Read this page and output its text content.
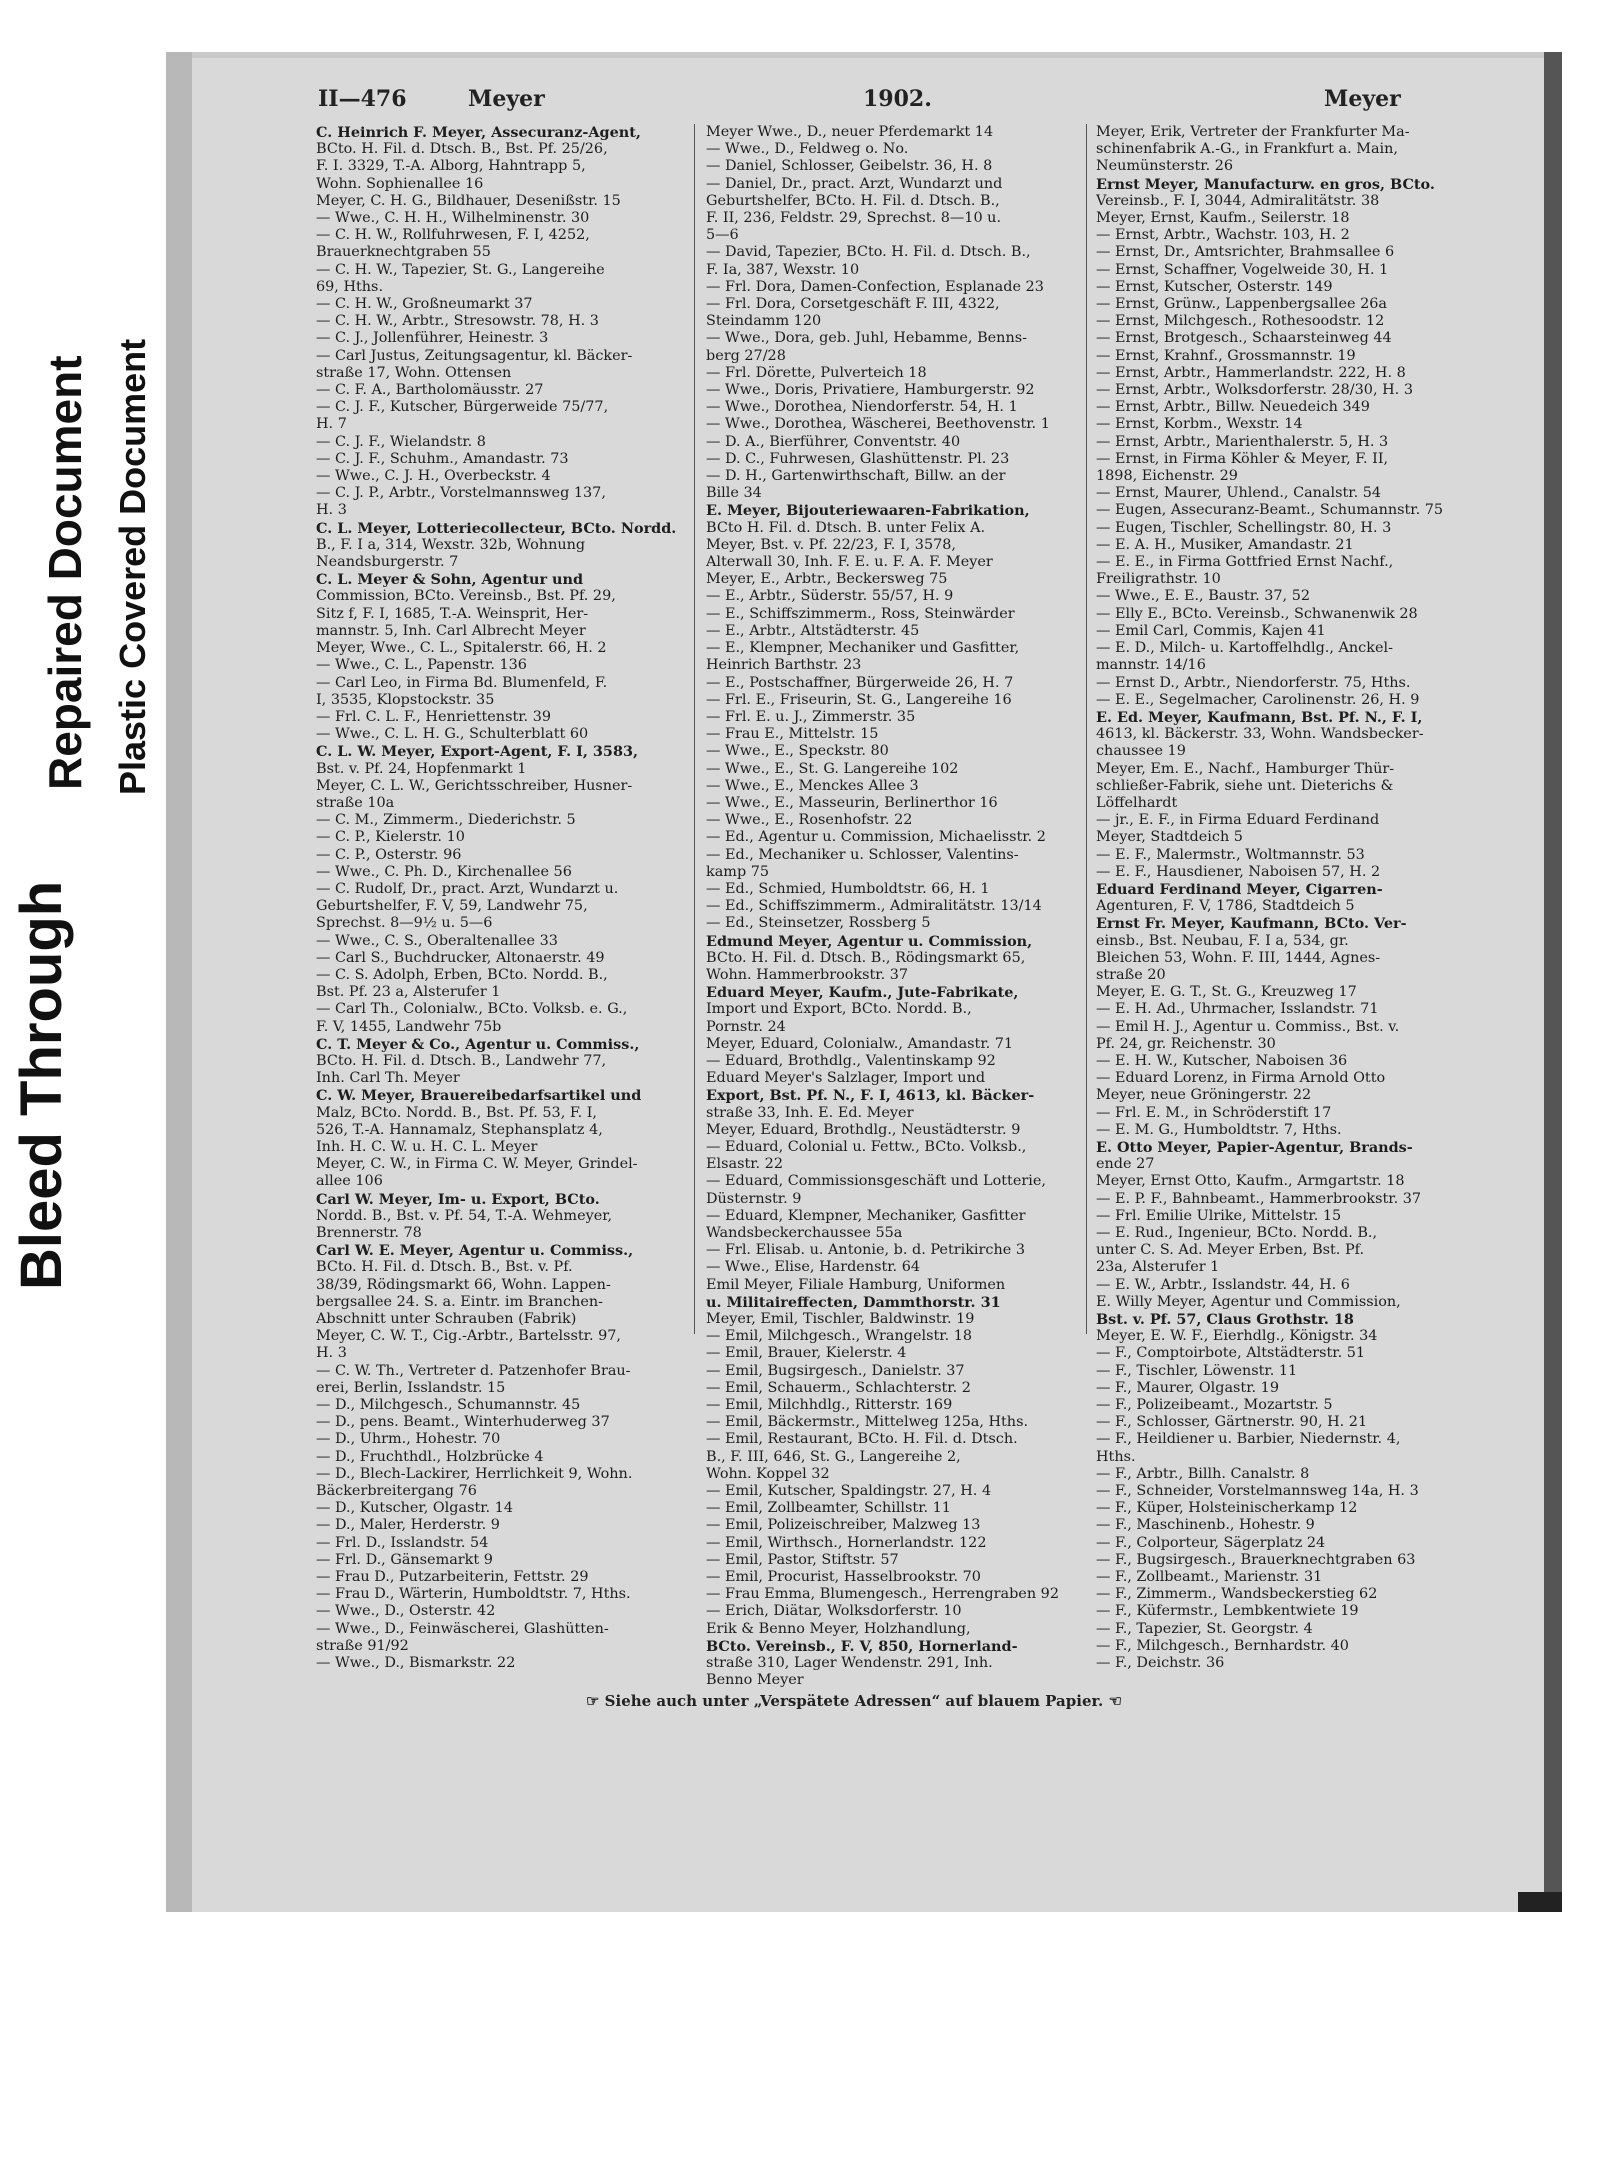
Bleed Through
Repaired Document Plastic Covered Document
II—476	Meyer	1902.	Meyer

C. Heinrich F. Meyer, Assecuranz-Agent,

BCto. H. Fil. d. Dtsch. B., Bst. Pf. 25/26,

F. I. 3329, T.-A. Alborg, Hahntrapp 5,

Wohn. Sophienallee 16

Meyer, C. H. G., Bildhauer, Desenißstr. 15

— Wwe., C. H. H., Wilhelminenstr. 30

— C. H. W., Rollfuhrwesen, F. I, 4252,

Brauerknechtgraben 55

— C. H. W., Tapezier, St. G., Langereihe

69, Hths.

— C. H. W., Großneumarkt 37

— C. H. W., Arbtr., Stresowstr. 78, H. 3

— C. J., Jollenführer, Heinestr. 3

— Carl Justus, Zeitungsagentur, kl. Bäcker-

straße 17, Wohn. Ottensen

— C. F. A., Bartholomäusstr. 27

— C. J. F., Kutscher, Bürgerweide 75/77,

H. 7

— C. J. F., Wielandstr. 8

— C. J. F., Schuhm., Amandastr. 73

— Wwe., C. J. H., Overbeckstr. 4

— C. J. P., Arbtr., Vorstelmannsweg 137,

H. 3

C. L. Meyer, Lotteriecollecteur, BCto. Nordd.

B., F. I a, 314, Wexstr. 32b, Wohnung

Neandsburgerstr. 7

C. L. Meyer & Sohn, Agentur und

Commission, BCto. Vereinsb., Bst. Pf. 29,

Sitz f, F. I, 1685, T.-A. Weinsprit, Her-

mannstr. 5, Inh. Carl Albrecht Meyer

Meyer, Wwe., C. L., Spitalerstr. 66, H. 2

— Wwe., C. L., Papenstr. 136

— Carl Leo, in Firma Bd. Blumenfeld, F.

I, 3535, Klopstockstr. 35

— Frl. C. L. F., Henriettenstr. 39

— Wwe., C. L. H. G., Schulterblatt 60

C. L. W. Meyer, Export-Agent, F. I, 3583,

Bst. v. Pf. 24, Hopfenmarkt 1

Meyer, C. L. W., Gerichtsschreiber, Husner-

straße 10a

— C. M., Zimmerm., Diederichstr. 5

— C. P., Kielerstr. 10

— C. P., Osterstr. 96

— Wwe., C. Ph. D., Kirchenallee 56

— C. Rudolf, Dr., pract. Arzt, Wundarzt u.

Geburtshelfer, F. V, 59, Landwehr 75,

Sprechst. 8—9½ u. 5—6

— Wwe., C. S., Oberaltenallee 33

— Carl S., Buchdrucker, Altonaerstr. 49

— C. S. Adolph, Erben, BCto. Nordd. B.,

Bst. Pf. 23 a, Alsterufer 1

— Carl Th., Colonialw., BCto. Volksb. e. G.,

F. V, 1455, Landwehr 75b

C. T. Meyer & Co., Agentur u. Commiss.,

BCto. H. Fil. d. Dtsch. B., Landwehr 77,

Inh. Carl Th. Meyer

C. W. Meyer, Brauereibedarfsartikel und

Malz, BCto. Nordd. B., Bst. Pf. 53, F. I,

526, T.-A. Hannamalz, Stephansplatz 4,

Inh. H. C. W. u. H. C. L. Meyer

Meyer, C. W., in Firma C. W. Meyer, Grindel-

allee 106

Carl W. Meyer, Im- u. Export, BCto.

Nordd. B., Bst. v. Pf. 54, T.-A. Wehmeyer,

Brennerstr. 78

Carl W. E. Meyer, Agentur u. Commiss.,

BCto. H. Fil. d. Dtsch. B., Bst. v. Pf.

38/39, Rödingsmarkt 66, Wohn. Lappen-

bergsallee 24. S. a. Eintr. im Branchen-

Abschnitt unter Schrauben (Fabrik)

Meyer, C. W. T., Cig.-Arbtr., Bartelsstr. 97,

H. 3

— C. W. Th., Vertreter d. Patzenhofer Brau-

erei, Berlin, Isslandstr. 15

— D., Milchgesch., Schumannstr. 45

— D., pens. Beamt., Winterhuderweg 37

— D., Uhrm., Hohestr. 70

— D., Fruchthdl., Holzbrücke 4

— D., Blech-Lackirer, Herrlichkeit 9, Wohn.

Bäckerbreitergang 76

— D., Kutscher, Olgastr. 14

— D., Maler, Herderstr. 9

— Frl. D., Isslandstr. 54

— Frl. D., Gänsemarkt 9

— Frau D., Putzarbeiterin, Fettstr. 29

— Frau D., Wärterin, Humboldtstr. 7, Hths.

— Wwe., D., Osterstr. 42

— Wwe., D., Feinwäscherei, Glashütten-

straße 91/92

— Wwe., D., Bismarkstr. 22

Meyer Wwe., D., neuer Pferdemarkt 14

— Wwe., D., Feldweg o. No.

— Daniel, Schlosser, Geibelstr. 36, H. 8

— Daniel, Dr., pract. Arzt, Wundarzt und

Geburtshelfer, BCto. H. Fil. d. Dtsch. B.,

F. II, 236, Feldstr. 29, Sprechst. 8—10 u.

5—6

— David, Tapezier, BCto. H. Fil. d. Dtsch. B.,

F. Ia, 387, Wexstr. 10

— Frl. Dora, Damen-Confection, Esplanade 23

— Frl. Dora, Corsetgeschäft F. III, 4322,

Steindamm 120

— Wwe., Dora, geb. Juhl, Hebamme, Benns-

berg 27/28

— Frl. Dörette, Pulverteich 18

— Wwe., Doris, Privatiere, Hamburgerstr. 92

— Wwe., Dorothea, Niendorferstr. 54, H. 1

— Wwe., Dorothea, Wäscherei, Beethovenstr. 1

— D. A., Bierführer, Conventstr. 40

— D. C., Fuhrwesen, Glashüttenstr. Pl. 23

— D. H., Gartenwirthschaft, Billw. an der

Bille 34

E. Meyer, Bijouteriewaaren-Fabrikation,

BCto H. Fil. d. Dtsch. B. unter Felix A.

Meyer, Bst. v. Pf. 22/23, F. I, 3578,

Alterwall 30, Inh. F. E. u. F. A. F. Meyer

Meyer, E., Arbtr., Beckersweg 75

— E., Arbtr., Süderstr. 55/57, H. 9

— E., Schiffszimmerm., Ross, Steinwärder

— E., Arbtr., Altstädterstr. 45

— E., Klempner, Mechaniker und Gasfitter,

Heinrich Barthstr. 23

— E., Postschaffner, Bürgerweide 26, H. 7

— Frl. E., Friseurin, St. G., Langereihe 16

— Frl. E. u. J., Zimmerstr. 35

— Frau E., Mittelstr. 15

— Wwe., E., Speckstr. 80

— Wwe., E., St. G. Langereihe 102

— Wwe., E., Menckes Allee 3

— Wwe., E., Masseurin, Berlinerthor 16

— Wwe., E., Rosenhofstr. 22

— Ed., Agentur u. Commission, Michaelisstr. 2

— Ed., Mechaniker u. Schlosser, Valentins-

kamp 75

— Ed., Schmied, Humboldtstr. 66, H. 1

— Ed., Schiffszimmerm., Admiralitätstr. 13/14

— Ed., Steinsetzer, Rossberg 5

Edmund Meyer, Agentur u. Commission,

BCto. H. Fil. d. Dtsch. B., Rödingsmarkt 65,

Wohn. Hammerbrookstr. 37

Eduard Meyer, Kaufm., Jute-Fabrikate,

Import und Export, BCto. Nordd. B.,

Pornstr. 24

Meyer, Eduard, Colonialw., Amandastr. 71

— Eduard, Brothdlg., Valentinskamp 92

Eduard Meyer's Salzlager, Import und

Export, Bst. Pf. N., F. I, 4613, kl. Bäcker-

straße 33, Inh. E. Ed. Meyer

Meyer, Eduard, Brothdlg., Neustädterstr. 9

— Eduard, Colonial u. Fettw., BCto. Volksb.,

Elsastr. 22

— Eduard, Commissionsgeschäft und Lotterie,

Düsternstr. 9

— Eduard, Klempner, Mechaniker, Gasfitter

Wandsbeckerchaussee 55a

— Frl. Elisab. u. Antonie, b. d. Petrikirche 3

— Wwe., Elise, Hardenstr. 64

Emil Meyer, Filiale Hamburg, Uniformen

u. Militaireffecten, Dammthorstr. 31

Meyer, Emil, Tischler, Baldwinstr. 19

— Emil, Milchgesch., Wrangelstr. 18

— Emil, Brauer, Kielerstr. 4

— Emil, Bugsirgesch., Danielstr. 37

— Emil, Schauerm., Schlachterstr. 2

— Emil, Milchhdlg., Ritterstr. 169

— Emil, Bäckermstr., Mittelweg 125a, Hths.

— Emil, Restaurant, BCto. H. Fil. d. Dtsch.

B., F. III, 646, St. G., Langereihe 2,

Wohn. Koppel 32

— Emil, Kutscher, Spaldingstr. 27, H. 4

— Emil, Zollbeamter, Schillstr. 11

— Emil, Polizeischreiber, Malzweg 13

— Emil, Wirthsch., Hornerlandstr. 122

— Emil, Pastor, Stiftstr. 57

— Emil, Procurist, Hasselbrookstr. 70

— Frau Emma, Blumengesch., Herrengraben 92

— Erich, Diätar, Wolksdorferstr. 10

Erik & Benno Meyer, Holzhandlung,

BCto. Vereinsb., F. V, 850, Hornerland-

straße 310, Lager Wendenstr. 291, Inh.

Benno Meyer

Meyer, Erik, Vertreter der Frankfurter Ma-

schinenfabrik A.-G., in Frankfurt a. Main,

Neumünsterstr. 26

Ernst Meyer, Manufacturw. en gros, BCto.

Vereinsb., F. I, 3044, Admiralitätstr. 38

Meyer, Ernst, Kaufm., Seilerstr. 18

— Ernst, Arbtr., Wachstr. 103, H. 2

— Ernst, Dr., Amtsrichter, Brahmsallee 6

— Ernst, Schaffner, Vogelweide 30, H. 1

— Ernst, Kutscher, Osterstr. 149

— Ernst, Grünw., Lappenbergsallee 26a

— Ernst, Milchgesch., Rothesoodstr. 12

— Ernst, Brotgesch., Schaarsteinweg 44

— Ernst, Krahnf., Grossmannstr. 19

— Ernst, Arbtr., Hammerlandstr. 222, H. 8

— Ernst, Arbtr., Wolksdorferstr. 28/30, H. 3

— Ernst, Arbtr., Billw. Neuedeich 349

— Ernst, Korbm., Wexstr. 14

— Ernst, Arbtr., Marienthalerstr. 5, H. 3

— Ernst, in Firma Köhler & Meyer, F. II,

1898, Eichenstr. 29

— Ernst, Maurer, Uhlend., Canalstr. 54

— Eugen, Assecuranz-Beamt., Schumannstr. 75

— Eugen, Tischler, Schellingstr. 80, H. 3

— E. A. H., Musiker, Amandastr. 21

— E. E., in Firma Gottfried Ernst Nachf.,

Freiligrathstr. 10

— Wwe., E. E., Baustr. 37, 52

— Elly E., BCto. Vereinsb., Schwanenwik 28

— Emil Carl, Commis, Kajen 41

— E. D., Milch- u. Kartoffelhdlg., Anckel-

mannstr. 14/16

— Ernst D., Arbtr., Niendorferstr. 75, Hths.

— E. E., Segelmacher, Carolinenstr. 26, H. 9

E. Ed. Meyer, Kaufmann, Bst. Pf. N., F. I,

4613, kl. Bäckerstr. 33, Wohn. Wandsbecker-

chaussee 19

Meyer, Em. E., Nachf., Hamburger Thür-

schließer-Fabrik, siehe unt. Dieterichs &

Löffelhardt

— jr., E. F., in Firma Eduard Ferdinand

Meyer, Stadtdeich 5

— E. F., Malermstr., Woltmannstr. 53

— E. F., Hausdiener, Naboisen 57, H. 2

Eduard Ferdinand Meyer, Cigarren-

Agenturen, F. V, 1786, Stadtdeich 5

Ernst Fr. Meyer, Kaufmann, BCto. Ver-

einsb., Bst. Neubau, F. I a, 534, gr.

Bleichen 53, Wohn. F. III, 1444, Agnes-

straße 20

Meyer, E. G. T., St. G., Kreuzweg 17

— E. H. Ad., Uhrmacher, Isslandstr. 71

— Emil H. J., Agentur u. Commiss., Bst. v.

Pf. 24, gr. Reichenstr. 30

— E. H. W., Kutscher, Naboisen 36

— Eduard Lorenz, in Firma Arnold Otto

Meyer, neue Gröningerstr. 22

— Frl. E. M., in Schröderstift 17

— E. M. G., Humboldtstr. 7, Hths.

E. Otto Meyer, Papier-Agentur, Brands-

ende 27

Meyer, Ernst Otto, Kaufm., Armgartstr. 18

— E. P. F., Bahnbeamt., Hammerbrookstr. 37

— Frl. Emilie Ulrike, Mittelstr. 15

— E. Rud., Ingenieur, BCto. Nordd. B.,

unter C. S. Ad. Meyer Erben, Bst. Pf.

23a, Alsterufer 1

— E. W., Arbtr., Isslandstr. 44, H. 6

E. Willy Meyer, Agentur und Commission,

Bst. v. Pf. 57, Claus Grothstr. 18

Meyer, E. W. F., Eierhdlg., Königstr. 34

— F., Comptoirbote, Altstädterstr. 51

— F., Tischler, Löwenstr. 11

— F., Maurer, Olgastr. 19

— F., Polizeibeamt., Mozartstr. 5

— F., Schlosser, Gärtnerstr. 90, H. 21

— F., Heildiener u. Barbier, Niedernstr. 4,

Hths.

— F., Arbtr., Billh. Canalstr. 8

— F., Schneider, Vorstelmannsweg 14a, H. 3

— F., Küper, Holsteinischerkamp 12

— F., Maschinenb., Hohestr. 9

— F., Colporteur, Sägerplatz 24

— F., Bugsirgesch., Brauerknechtgraben 63

— F., Zollbeamt., Marienstr. 31

— F., Zimmerm., Wandsbeckerstieg 62

— F., Küfermstr., Lembkentwiete 19

— F., Tapezier, St. Georgstr. 4

— F., Milchgesch., Bernhardstr. 40

— F., Deichstr. 36

☞ Siehe auch unter „Verspätete Adressen“ auf blauem Papier. ☜
